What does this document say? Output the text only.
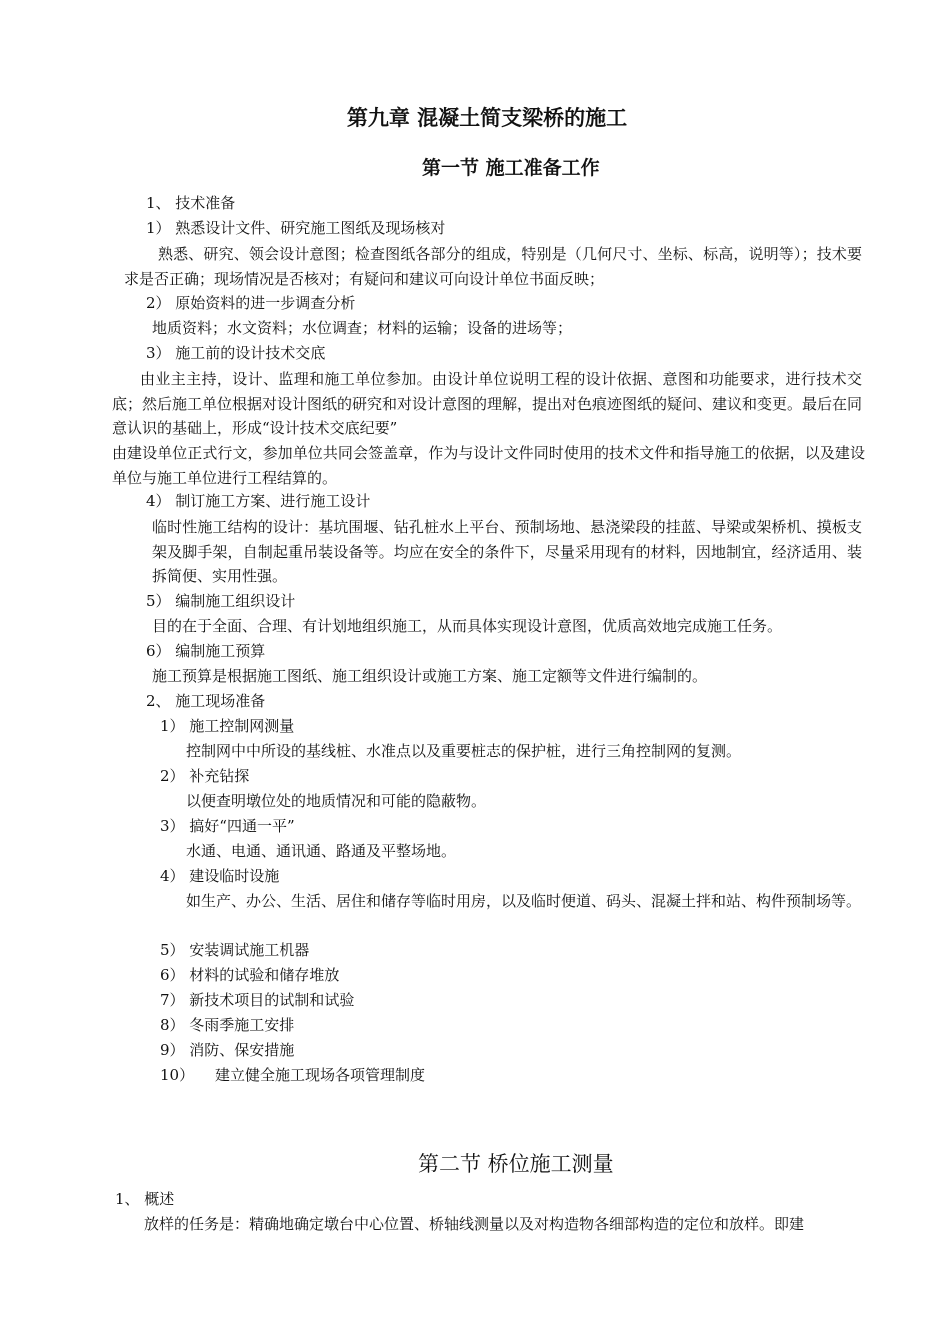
第九章 混凝土简支梁桥的施工
第一节 施工准备工作
1、 技术准备
1） 熟悉设计文件、研究施工图纸及现场核对
熟悉、研究、领会设计意图；检查图纸各部分的组成，特别是（几何尺寸、坐标、标高，说明等）；技术要求是否正确；现场情况是否核对；有疑问和建议可向设计单位书面反映；
2） 原始资料的进一步调查分析
地质资料；水文资料；水位调查；材料的运输；设备的进场等；
3） 施工前的设计技术交底
由业主主持，设计、监理和施工单位参加。由设计单位说明工程的设计依据、意图和功能要求，进行技术交底；然后施工单位根据对设计图纸的研究和对设计意图的理解，提出对色痕迹图纸的疑问、建议和变更。最后在同意认识的基础上，形成“设计技术交底纪要”
由建设单位正式行文，参加单位共同会签盖章，作为与设计文件同时使用的技术文件和指导施工的依据，以及建设单位与施工单位进行工程结算的。
4） 制订施工方案、进行施工设计
临时性施工结构的设计：基坑围堰、钻孔桩水上平台、预制场地、悬浇梁段的挂蓝、导梁或架桥机、摸板支架及脚手架，自制起重吊装设备等。均应在安全的条件下，尽量采用现有的材料，因地制宜，经济适用、装拆简便、实用性强。
5） 编制施工组织设计
目的在于全面、合理、有计划地组织施工，从而具体实现设计意图，优质高效地完成施工任务。
6） 编制施工预算
施工预算是根据施工图纸、施工组织设计或施工方案、施工定额等文件进行编制的。
2、 施工现场准备
1） 施工控制网测量
控制网中中所设的基线桩、水准点以及重要桩志的保护桩，进行三角控制网的复测。
2） 补充钻探
以便查明墩位处的地质情况和可能的隐蔽物。
3） 搞好“四通一平”
水通、电通、通讯通、路通及平整场地。
4） 建设临时设施
如生产、办公、生活、居住和储存等临时用房，以及临时便道、码头、混凝土拌和站、构件预制场等。
5） 安装调试施工机器
6） 材料的试验和储存堆放
7） 新技术项目的试制和试验
8） 冬雨季施工安排
9） 消防、保安措施
10） 建立健全施工现场各项管理制度
第二节 桥位施工测量
1、 概述
放样的任务是：精确地确定墩台中心位置、桥轴线测量以及对构造物各细部构造的定位和放样。即建
